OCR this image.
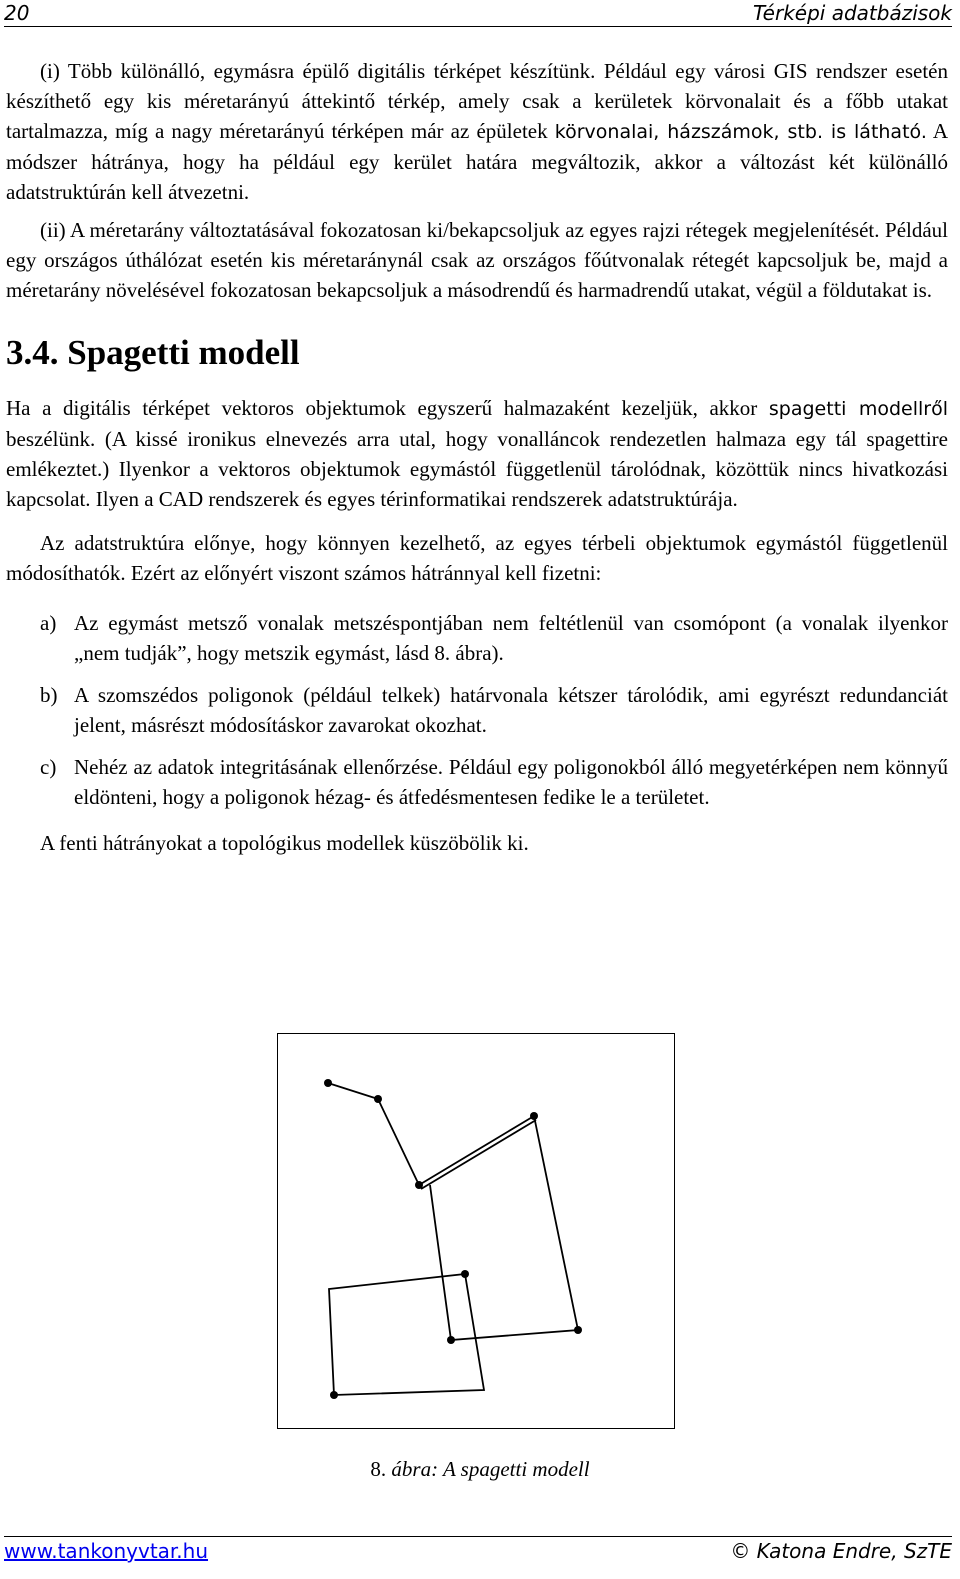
20	Térképi adatbázisok

(i) Több különálló, egymásra épülő digitális térképet készítünk. Például egy városi GIS rendszer esetén készíthető egy kis méretarányú áttekintő térkép, amely csak a kerületek körvonalait és a főbb utakat tartalmazza, míg a nagy méretarányú térképen már az épületek körvonalai, házszámok, stb. is látható. A módszer hátránya, hogy ha például egy kerület határa megváltozik, akkor a változást két különálló adatstruktúrán kell átvezetni.

(ii) A méretarány változtatásával fokozatosan ki/bekapcsoljuk az egyes rajzi rétegek megjelenítését. Például egy országos úthálózat esetén kis méretaránynál csak az országos főútvonalak rétegét kapcsoljuk be, majd a méretarány növelésével fokozatosan bekapcsoljuk a másodrendű és harmadrendű utakat, végül a földutakat is.

3.4. Spagetti modell

Ha a digitális térképet vektoros objektumok egyszerű halmazaként kezeljük, akkor spagetti modellről beszélünk. (A kissé ironikus elnevezés arra utal, hogy vonalláncok rendezetlen halmaza egy tál spagettire emlékeztet.) Ilyenkor a vektoros objektumok egymástól függetlenül tárolódnak, közöttük nincs hivatkozási kapcsolat. Ilyen a CAD rendszerek és egyes térinformatikai rendszerek adatstruktúrája.

Az adatstruktúra előnye, hogy könnyen kezelhető, az egyes térbeli objektumok egymástól függetlenül módosíthatók. Ezért az előnyért viszont számos hátránnyal kell fizetni:

a) Az egymást metsző vonalak metszéspontjában nem feltétlenül van csomópont (a vonalak ilyenkor „nem tudják”, hogy metszik egymást, lásd 8. ábra).
b) A szomszédos poligonok (például telkek) határvonala kétszer tárolódik, ami egyrészt redundanciát jelent, másrészt módosításkor zavarokat okozhat.
c) Nehéz az adatok integritásának ellenőrzése. Például egy poligonokból álló megyetérképen nem könnyű eldönteni, hogy a poligonok hézag- és átfedésmentesen fedike le a területet.

A fenti hátrányokat a topológikus modellek küszöbölik ki.

8. ábra: A spagetti modell
www.tankonyvtar.hu	© Katona Endre, SzTE
